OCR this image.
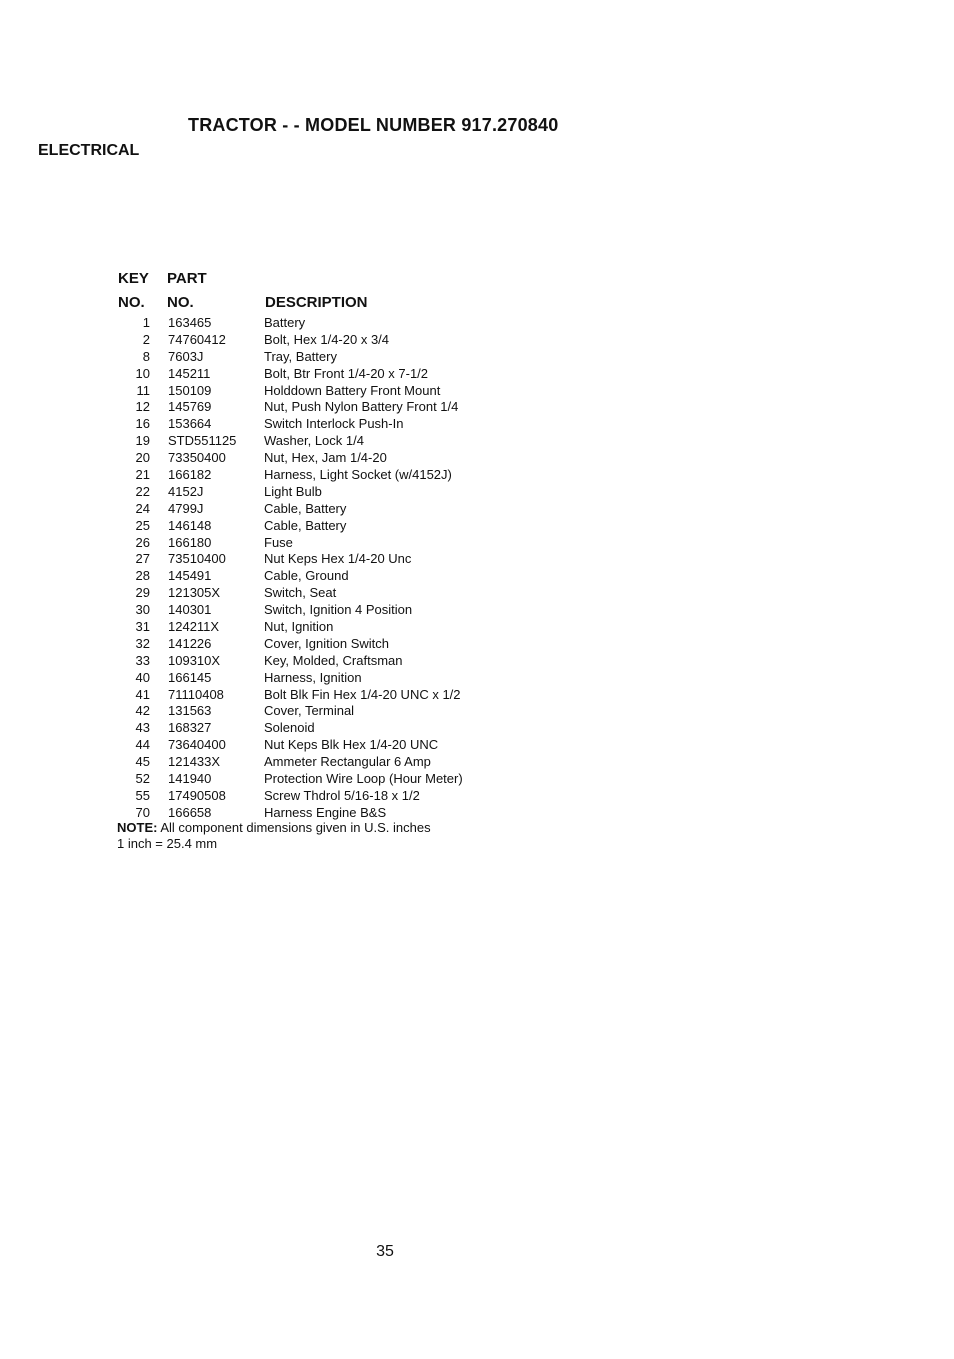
TRACTOR - - MODEL NUMBER 917.270840
ELECTRICAL
KEY PART
NO. NO.	DESCRIPTION
1 163465	Battery
2 74760412	Bolt, Hex 1/4-20 x 3/4
8 7603J	Tray, Battery
10 145211	Bolt, Btr Front 1/4-20 x 7-1/2
11 150109	Holddown Battery Front Mount
12 145769	Nut, Push Nylon Battery Front 1/4
16 153664	Switch Interlock Push-In
19 STD551125 Washer, Lock 1/4
20 73350400	Nut, Hex, Jam 1/4-20
21 166182	Harness, Light Socket (w/4152J)
22 4152J	Light Bulb
24 4799J	Cable, Battery
25 146148	Cable, Battery
26 166180	Fuse
27 73510400	Nut Keps Hex 1/4-20 Unc
28 145491	Cable, Ground
29 121305X	Switch, Seat
30 140301	Switch, Ignition 4 Position
31 124211X	Nut, Ignition
32 141226	Cover, Ignition Switch
33 109310X	Key, Molded, Craftsman
40 166145	Harness, Ignition
41 71110408	Bolt Blk Fin Hex 1/4-20 UNC x 1/2
42 131563	Cover, Terminal
43 168327	Solenoid
44 73640400	Nut Keps Blk Hex 1/4-20 UNC
45 121433X	Ammeter Rectangular 6 Amp
52 141940	Protection Wire Loop (Hour Meter)
55 17490508	Screw Thdrol 5/16-18 x 1/2
70 166658	Harness Engine B&S
NOTE: All component dimensions given in U.S. inches
1 inch = 25.4 mm
35
